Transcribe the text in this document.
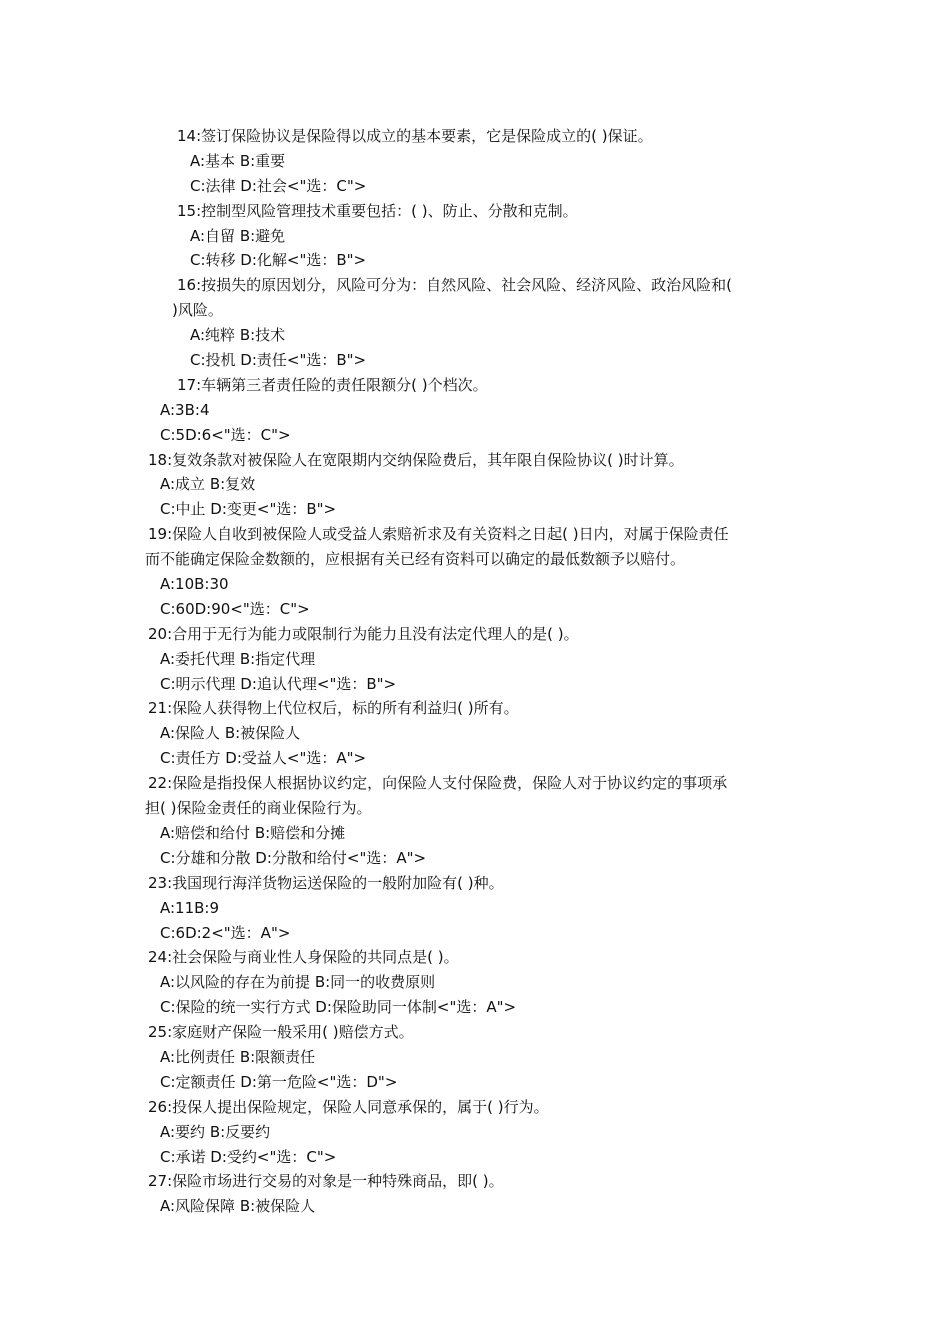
14:签订保险协议是保险得以成立的基本要素，它是保险成立的( )保证。
A:基本 B:重要
C:法律 D:社会<"选：C">
15:控制型风险管理技术重要包括：( )、防止、分散和克制。
A:自留 B:避免
C:转移 D:化解<"选：B">
16:按损失的原因划分，风险可分为：自然风险、社会风险、经济风险、政治风险和(
)风险。
A:纯粹 B:技术
C:投机 D:责任<"选：B">
17:车辆第三者责任险的责任限额分( )个档次。
A:3B:4
C:5D:6<"选：C">
18:复效条款对被保险人在宽限期内交纳保险费后，其年限自保险协议( )时计算。
A:成立 B:复效
C:中止 D:变更<"选：B">
19:保险人自收到被保险人或受益人索赔祈求及有关资料之日起( )日内，对属于保险责任
而不能确定保险金数额的，应根据有关已经有资料可以确定的最低数额予以赔付。
A:10B:30
C:60D:90<"选：C">
20:合用于无行为能力或限制行为能力且没有法定代理人的是( )。
A:委托代理 B:指定代理
C:明示代理 D:追认代理<"选：B">
21:保险人获得物上代位权后，标的所有利益归( )所有。
A:保险人 B:被保险人
C:责任方 D:受益人<"选：A">
22:保险是指投保人根据协议约定，向保险人支付保险费，保险人对于协议约定的事项承
担( )保险金责任的商业保险行为。
A:赔偿和给付 B:赔偿和分摊
C:分雄和分散 D:分散和给付<"选：A">
23:我国现行海洋货物运送保险的一般附加险有( )种。
A:11B:9
C:6D:2<"选：A">
24:社会保险与商业性人身保险的共同点是( )。
A:以风险的存在为前提 B:同一的收费原则
C:保险的统一实行方式 D:保险助同一体制<"选：A">
25:家庭财产保险一般采用( )赔偿方式。
A:比例责任 B:限额责任
C:定额责任 D:第一危险<"选：D">
26:投保人提出保险规定，保险人同意承保的，属于( )行为。
A:要约 B:反要约
C:承诺 D:受约<"选：C">
27:保险市场进行交易的对象是一种特殊商品，即( )。
A:风险保障 B:被保险人
